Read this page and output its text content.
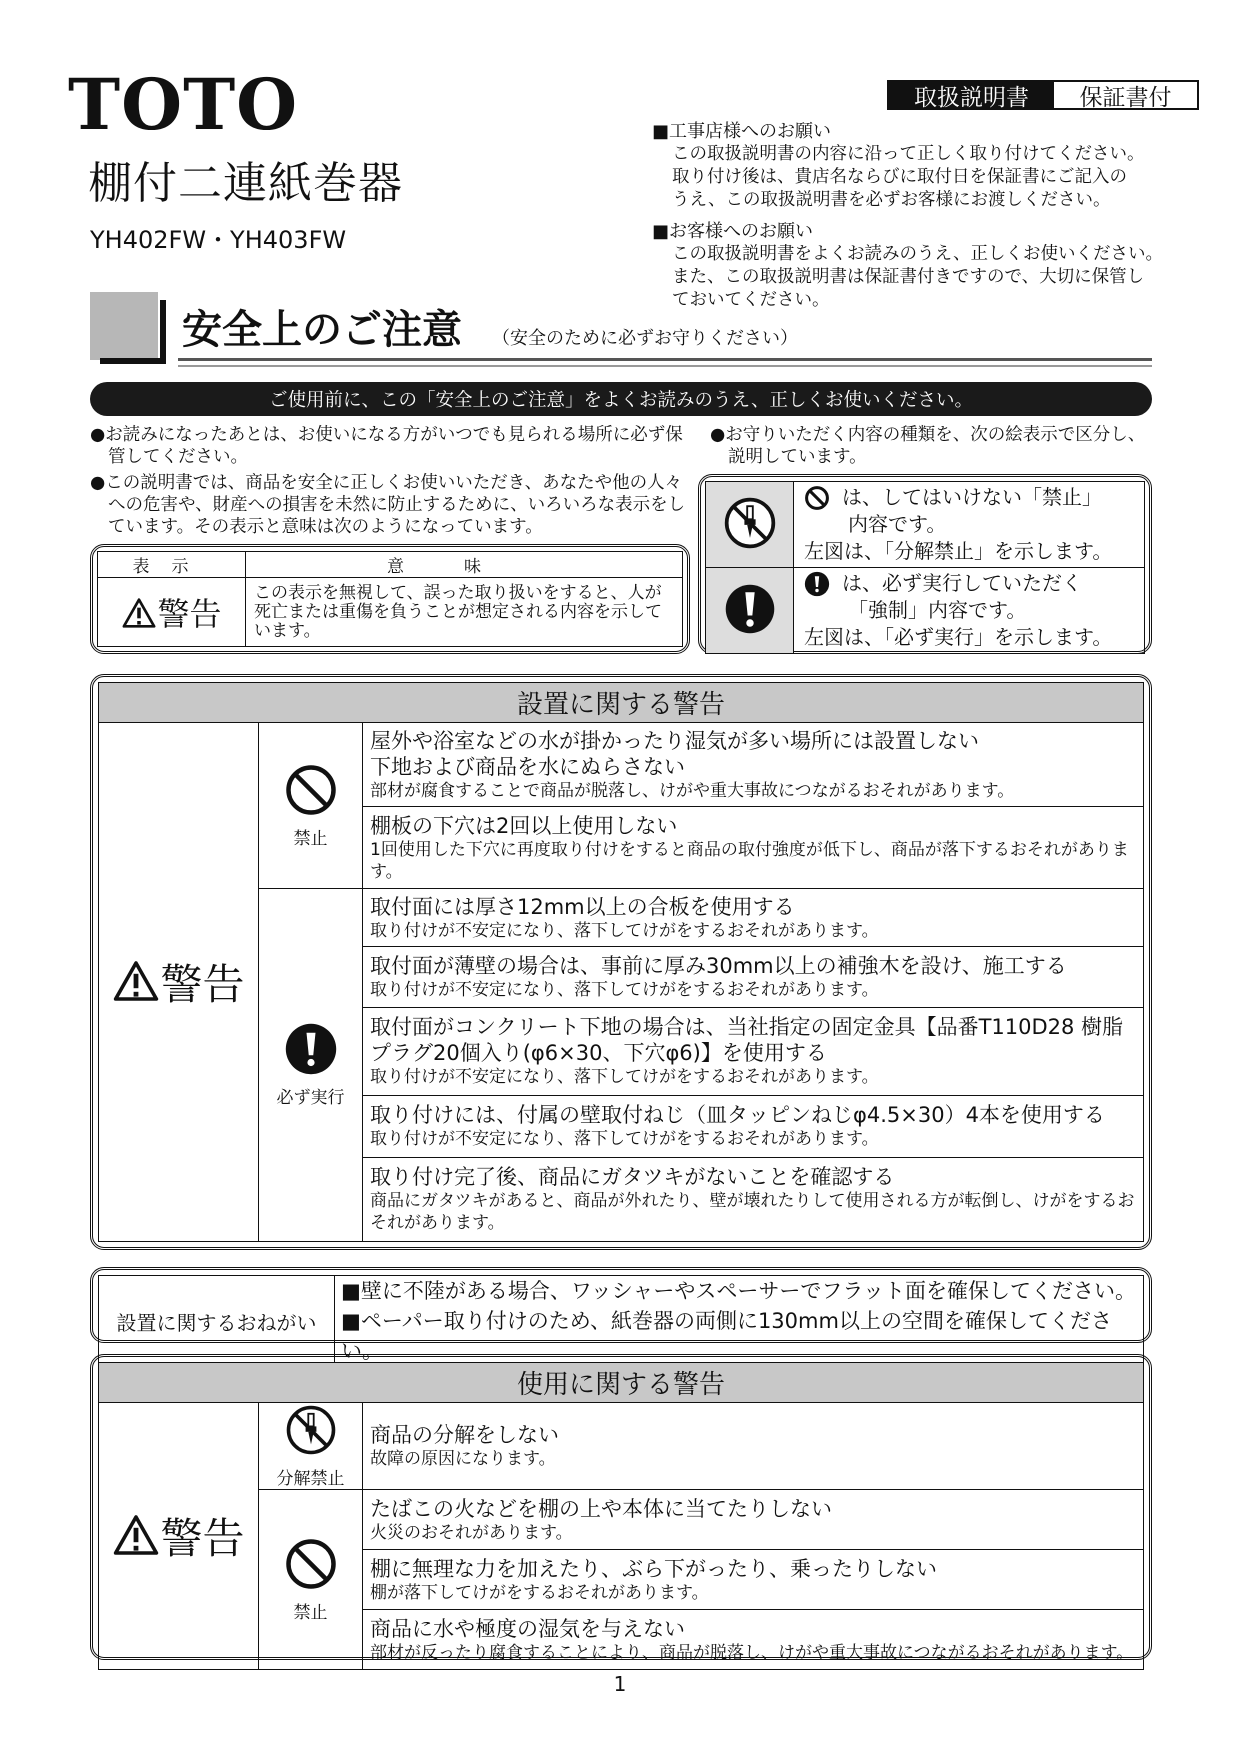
TOTO
棚付二連紙巻器
YH402FW・YH403FW
取扱説明書	保証書付
■工事店様へのお願い
この取扱説明書の内容に沿って正しく取り付けてください。
取り付け後は、貴店名ならびに取付日を保証書にご記入の
うえ、この取扱説明書を必ずお客様にお渡しください。
■お客様へのお願い
この取扱説明書をよくお読みのうえ、正しくお使いください。
また、この取扱説明書は保証書付きですので、大切に保管し
ておいてください。
安全上のご注意 （安全のために必ずお守りください）
ご使用前に、この「安全上のご注意」をよくお読みのうえ、正しくお使いください。
●お読みになったあとは、お使いになる方がいつでも見られる場所に必ず保管してください。
●この説明書では、商品を安全に正しくお使いいただき、あなたや他の人々への危害や、財産への損害を未然に防止するために、いろいろな表示をしています。その表示と意味は次のようになっています。
●お守りいただく内容の種類を、次の絵表示で区分し、説明しています。
表示	意味
警告	この表示を無視して、誤った取り扱いをすると、人が死亡または重傷を負うことが想定される内容を示しています。

は、してはいけない「禁止」
内容です。
左図は、「分解禁止」を示します。

は、必ず実行していただく
「強制」内容です。
左図は、「必ず実行」を示します。
設置に関する警告		
警告	禁止	屋外や浴室などの水が掛かったり湿気が多い場所には設置しない
下地および商品を水にぬらさない
部材が腐食することで商品が脱落し、けがや重大事故につながるおそれがあります。

		棚板の下穴は2回以上使用しない
1回使用した下穴に再度取り付けをすると商品の取付強度が低下し、商品が落下するおそれがあります。

	必ず実行	取付面には厚さ12mm以上の合板を使用する
取り付けが不安定になり、落下してけがをするおそれがあります。

		取付面が薄壁の場合は、事前に厚み30mm以上の補強木を設け、施工する
取り付けが不安定になり、落下してけがをするおそれがあります。

		取付面がコンクリート下地の場合は、当社指定の固定金具【品番T110D28 樹脂プラグ20個入り(φ6×30、下穴φ6)】を使用する
取り付けが不安定になり、落下してけがをするおそれがあります。

		取り付けには、付属の壁取付ねじ（皿タッピンねじφ4.5×30）4本を使用する
取り付けが不安定になり、落下してけがをするおそれがあります。

		取り付け完了後、商品にガタツキがないことを確認する
商品にガタツキがあると、商品が外れたり、壁が壊れたりして使用される方が転倒し、けがをするおそれがあります。
設置に関するおねがい	
■壁に不陸がある場合、ワッシャーやスペーサーでフラット面を確保してください。
■ペーパー取り付けのため、紙巻器の両側に130mm以上の空間を確保してください。
使用に関する警告		
警告	分解禁止	商品の分解をしない
故障の原因になります。

	禁止	たばこの火などを棚の上や本体に当てたりしない
火災のおそれがあります。

		棚に無理な力を加えたり、ぶら下がったり、乗ったりしない
棚が落下してけがをするおそれがあります。

		商品に水や極度の湿気を与えない
部材が反ったり腐食することにより、商品が脱落し、けがや重大事故につながるおそれがあります。
1
